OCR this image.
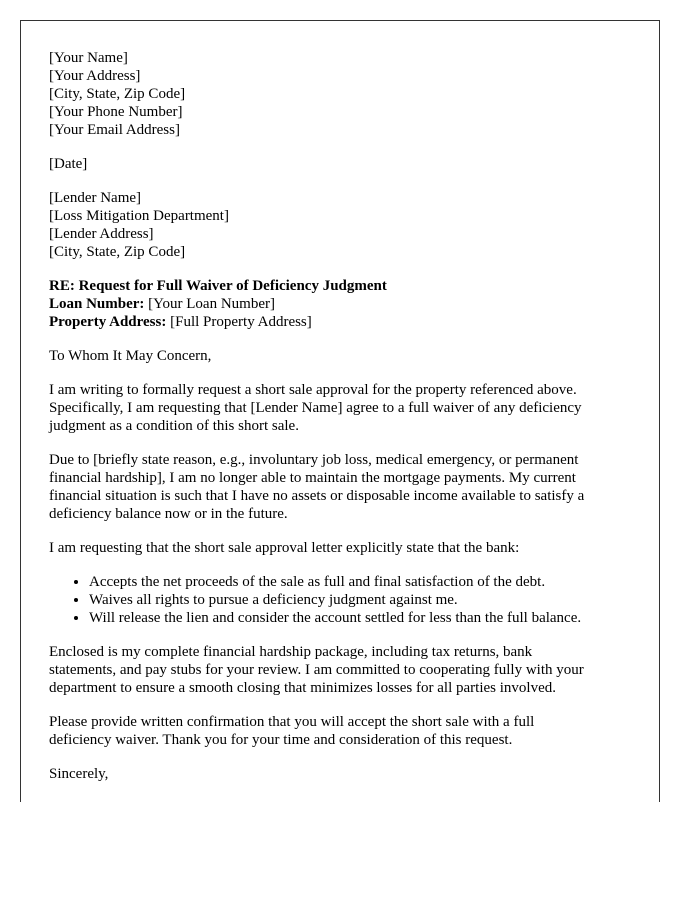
[Your Name]
[Your Address]
[City, State, Zip Code]
[Your Phone Number]
[Your Email Address]
[Date]
[Lender Name]
[Loss Mitigation Department]
[Lender Address]
[City, State, Zip Code]
RE: Request for Full Waiver of Deficiency Judgment
Loan Number: [Your Loan Number]
Property Address: [Full Property Address]

To Whom It May Concern,

I am writing to formally request a short sale approval for the property referenced above.
Specifically, I am requesting that [Lender Name] agree to a full waiver of any deficiency
judgment as a condition of this short sale.

Due to [briefly state reason, e.g., involuntary job loss, medical emergency, or permanent
financial hardship], I am no longer able to maintain the mortgage payments. My current
financial situation is such that I have no assets or disposable income available to satisfy a
deficiency balance now or in the future.

I am requesting that the short sale approval letter explicitly state that the bank:

• Accepts the net proceeds of the sale as full and final satisfaction of the debt.
• Waives all rights to pursue a deficiency judgment against me.
• Will release the lien and consider the account settled for less than the full balance.

Enclosed is my complete financial hardship package, including tax returns, bank
statements, and pay stubs for your review. I am committed to cooperating fully with your
department to ensure a smooth closing that minimizes losses for all parties involved.

Please provide written confirmation that you will accept the short sale with a full
deficiency waiver. Thank you for your time and consideration of this request.

Sincerely,
